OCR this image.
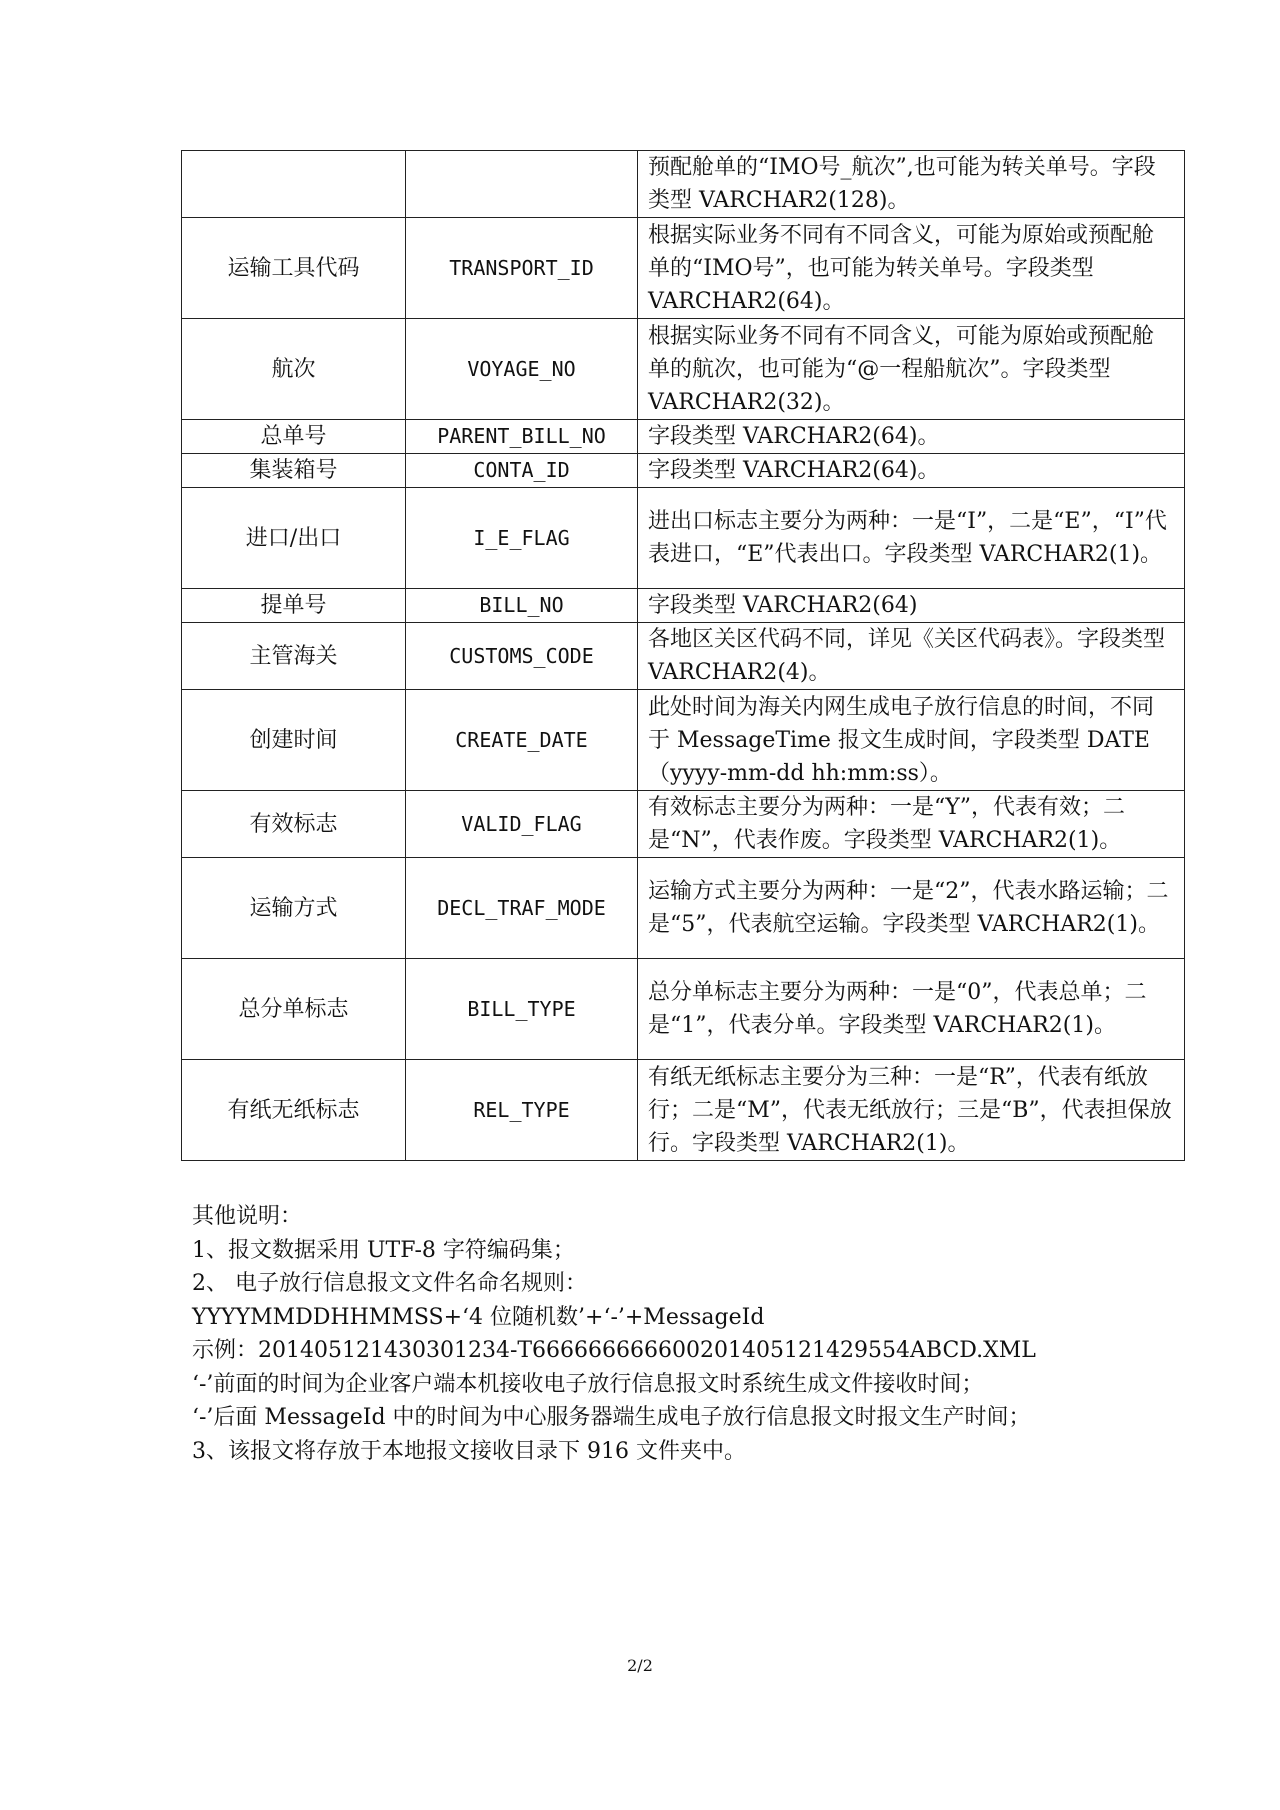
		预配舱单的“IMO号_航次”,也可能为转关单号。字段类型 VARCHAR2(128)。
运输工具代码	TRANSPORT_ID	根据实际业务不同有不同含义，可能为原始或预配舱单的“IMO号”，也可能为转关单号。字段类型 VARCHAR2(64)。
航次	VOYAGE_NO	根据实际业务不同有不同含义，可能为原始或预配舱单的航次，也可能为“@一程船航次”。字段类型 VARCHAR2(32)。
总单号	PARENT_BILL_NO	字段类型 VARCHAR2(64)。
集装箱号	CONTA_ID	字段类型 VARCHAR2(64)。
进口/出口	I_E_FLAG	进出口标志主要分为两种：一是“I”，二是“E”，“I”代表进口，“E”代表出口。字段类型 VARCHAR2(1)。
提单号	BILL_NO	字段类型 VARCHAR2(64)
主管海关	CUSTOMS_CODE	各地区关区代码不同，详见《关区代码表》。字段类型 VARCHAR2(4)。
创建时间	CREATE_DATE	此处时间为海关内网生成电子放行信息的时间，不同于 MessageTime 报文生成时间，字段类型 DATE（yyyy-mm-dd hh:mm:ss）。
有效标志	VALID_FLAG	有效标志主要分为两种：一是“Y”，代表有效；二是“N”，代表作废。字段类型 VARCHAR2(1)。
运输方式	DECL_TRAF_MODE	运输方式主要分为两种：一是“2”，代表水路运输；二是“5”，代表航空运输。字段类型 VARCHAR2(1)。
总分单标志	BILL_TYPE	总分单标志主要分为两种：一是“0”，代表总单；二是“1”，代表分单。字段类型 VARCHAR2(1)。
有纸无纸标志	REL_TYPE	有纸无纸标志主要分为三种：一是“R”，代表有纸放行；二是“M”，代表无纸放行；三是“B”，代表担保放行。字段类型 VARCHAR2(1)。

其他说明：

1、报文数据采用 UTF-8 字符编码集；

2、 电子放行信息报文文件名命名规则：

YYYYMMDDHHMMSS+‘4 位随机数’+‘-’+MessageId

示例：201405121430301234-T666666666600201405121429554ABCD.XML

‘-’前面的时间为企业客户端本机接收电子放行信息报文时系统生成文件接收时间；

‘-’后面 MessageId 中的时间为中心服务器端生成电子放行信息报文时报文生产时间；

3、该报文将存放于本地报文接收目录下 916 文件夹中。

2/2
